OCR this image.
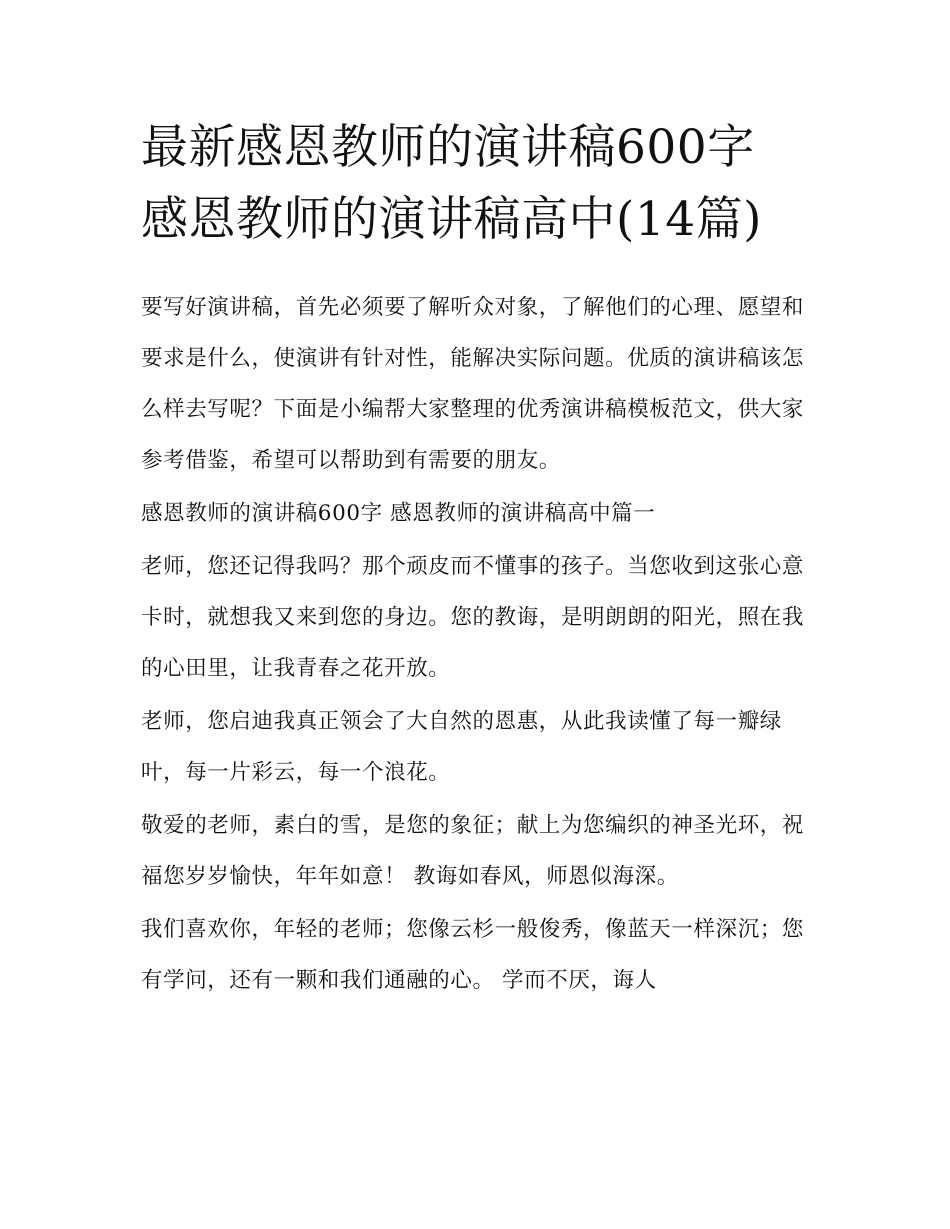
最新感恩教师的演讲稿600字
感恩教师的演讲稿高中(14篇)

要写好演讲稿，首先必须要了解听众对象，了解他们的心理、愿望和要求是什么，使演讲有针对性，能解决实际问题。优质的演讲稿该怎么样去写呢？下面是小编帮大家整理的优秀演讲稿模板范文，供大家参考借鉴，希望可以帮助到有需要的朋友。

感恩教师的演讲稿600字 感恩教师的演讲稿高中篇一

老师，您还记得我吗？那个顽皮而不懂事的孩子。当您收到这张心意卡时，就想我又来到您的身边。您的教诲，是明朗朗的阳光，照在我的心田里，让我青春之花开放。

老师，您启迪我真正领会了大自然的恩惠，从此我读懂了每一瓣绿叶，每一片彩云，每一个浪花。

敬爱的老师，素白的雪，是您的象征；献上为您编织的神圣光环，祝福您岁岁愉快，年年如意！ 教诲如春风，师恩似海深。

我们喜欢你，年轻的老师；您像云杉一般俊秀，像蓝天一样深沉；您有学问，还有一颗和我们通融的心。 学而不厌，诲人
